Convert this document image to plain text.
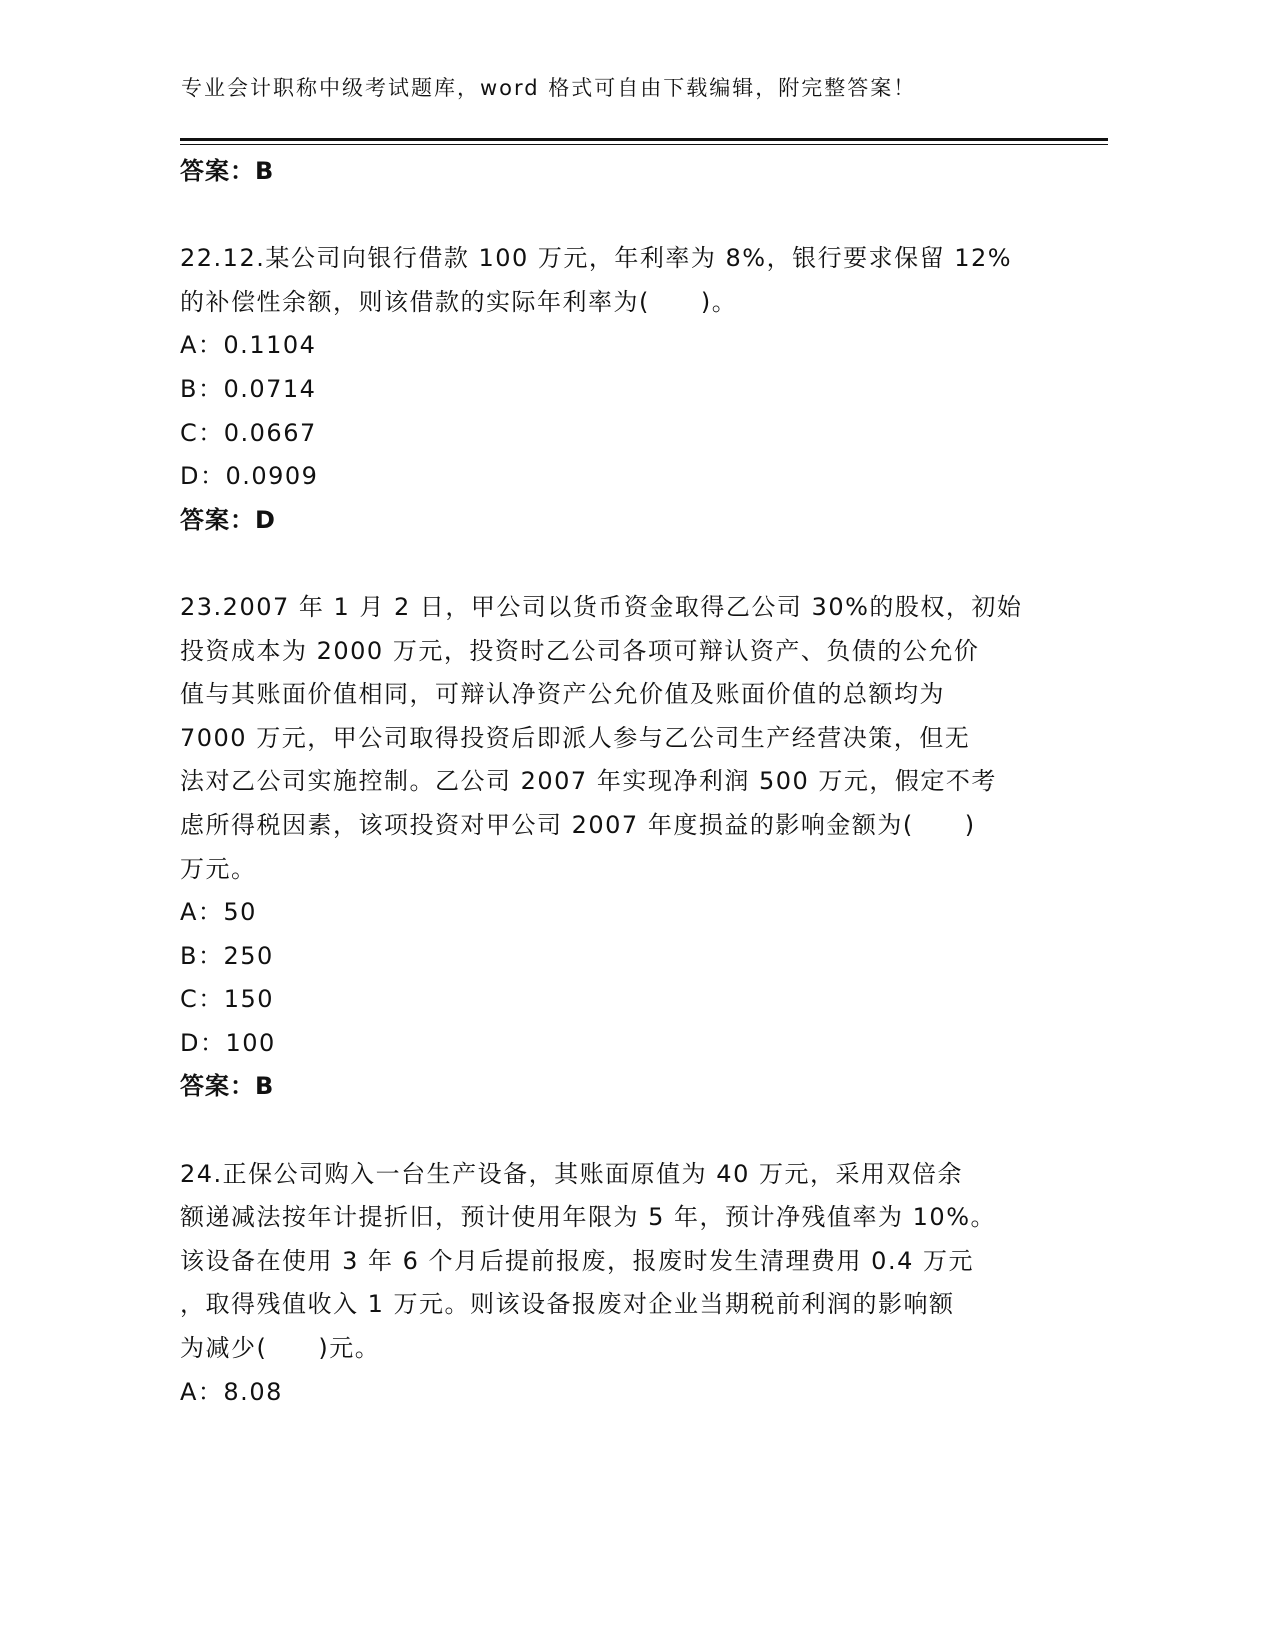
专业会计职称中级考试题库，word 格式可自由下载编辑，附完整答案！
答案：B
22.12.某公司向银行借款 100 万元，年利率为 8%，银行要求保留 12%
的补偿性余额，则该借款的实际年利率为(　　)。
A：0.1104
B：0.0714
C：0.0667
D：0.0909
答案：D
23.2007 年 1 月 2 日，甲公司以货币资金取得乙公司 30%的股权，初始
投资成本为 2000 万元，投资时乙公司各项可辩认资产、负债的公允价
值与其账面价值相同，可辩认净资产公允价值及账面价值的总额均为
7000 万元，甲公司取得投资后即派人参与乙公司生产经营决策，但无
法对乙公司实施控制。乙公司 2007 年实现净利润 500 万元，假定不考
虑所得税因素，该项投资对甲公司 2007 年度损益的影响金额为(　　)
万元。
A：50
B：250
C：150
D：100
答案：B
24.正保公司购入一台生产设备，其账面原值为 40 万元，采用双倍余
额递减法按年计提折旧，预计使用年限为 5 年，预计净残值率为 10%。
该设备在使用 3 年 6 个月后提前报废，报废时发生清理费用 0.4 万元
，取得残值收入 1 万元。则该设备报废对企业当期税前利润的影响额
为减少(　　)元。
A：8.08
